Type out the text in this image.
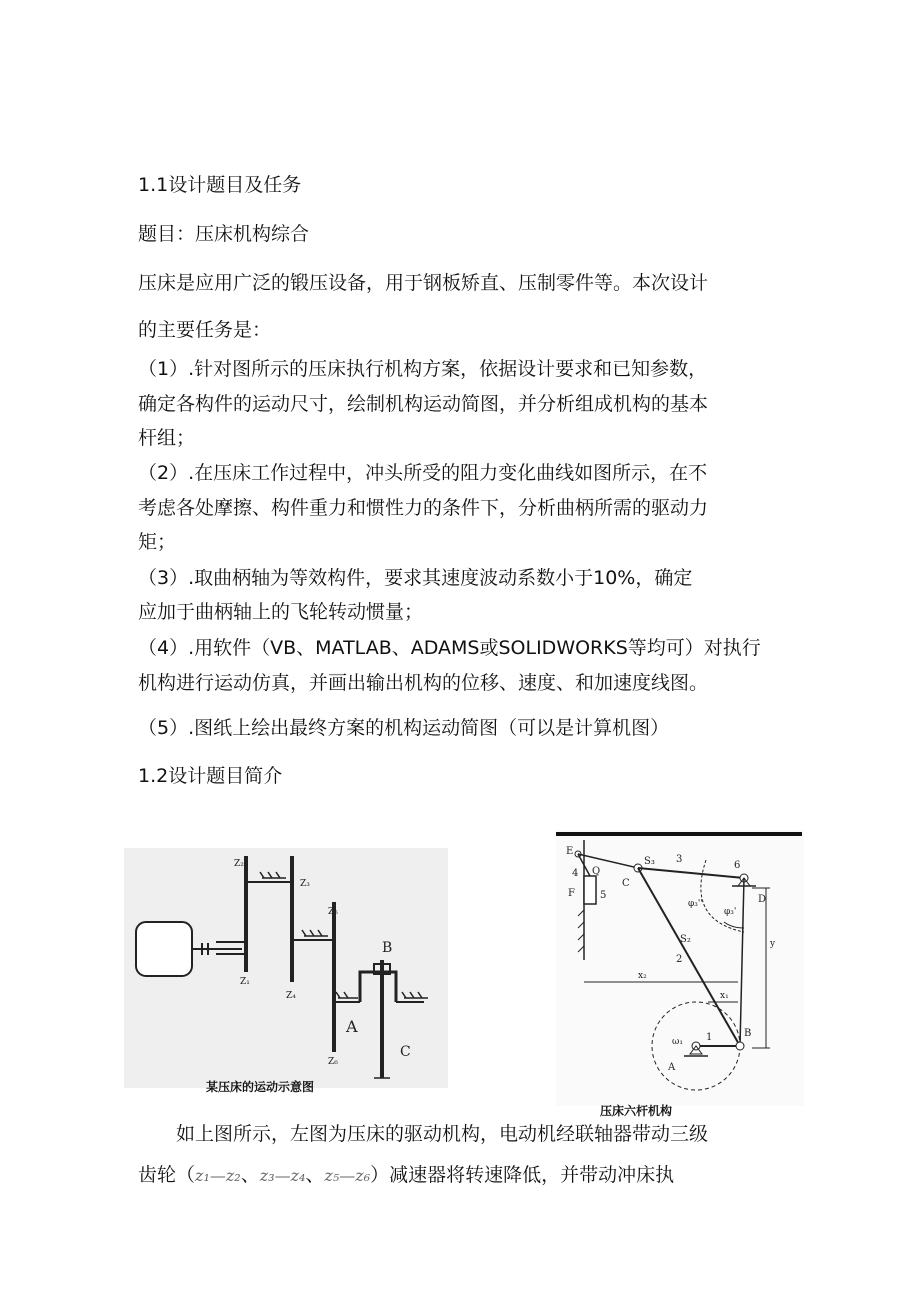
1.1设计题目及任务
题目：压床机构综合
压床是应用广泛的锻压设备，用于钢板矫直、压制零件等。本次设计
的主要任务是：
（1）.针对图所示的压床执行机构方案，依据设计要求和已知参数，
确定各构件的运动尺寸，绘制机构运动简图，并分析组成机构的基本
杆组；
（2）.在压床工作过程中，冲头所受的阻力变化曲线如图所示，在不
考虑各处摩擦、构件重力和惯性力的条件下，分析曲柄所需的驱动力
矩；
（3）.取曲柄轴为等效构件，要求其速度波动系数小于10%，确定
应加于曲柄轴上的飞轮转动惯量；
（4）.用软件（VB、MATLAB、ADAMS或SOLIDWORKS等均可）对执行
机构进行运动仿真，并画出输出机构的位移、速度、和加速度线图。
（5）.图纸上绘出最终方案的机构运动简图（可以是计算机图）
1.2设计题目简介
Z₁
Z₂
Z₃
Z₄
Z₅
Z₆
A
B
C
某压床的运动示意图
E
4 Q
F	5
C
S₃ 3
6
D
φ₃''
φ₃'
S₂
2
x₂
x₁
y
B
ω₁ 1
A
压床六杆机构
如上图所示，左图为压床的驱动机构，电动机经联轴器带动三级
齿轮（z₁—z₂、z₃—z₄、z₅—z₆）减速器将转速降低，并带动冲床执
